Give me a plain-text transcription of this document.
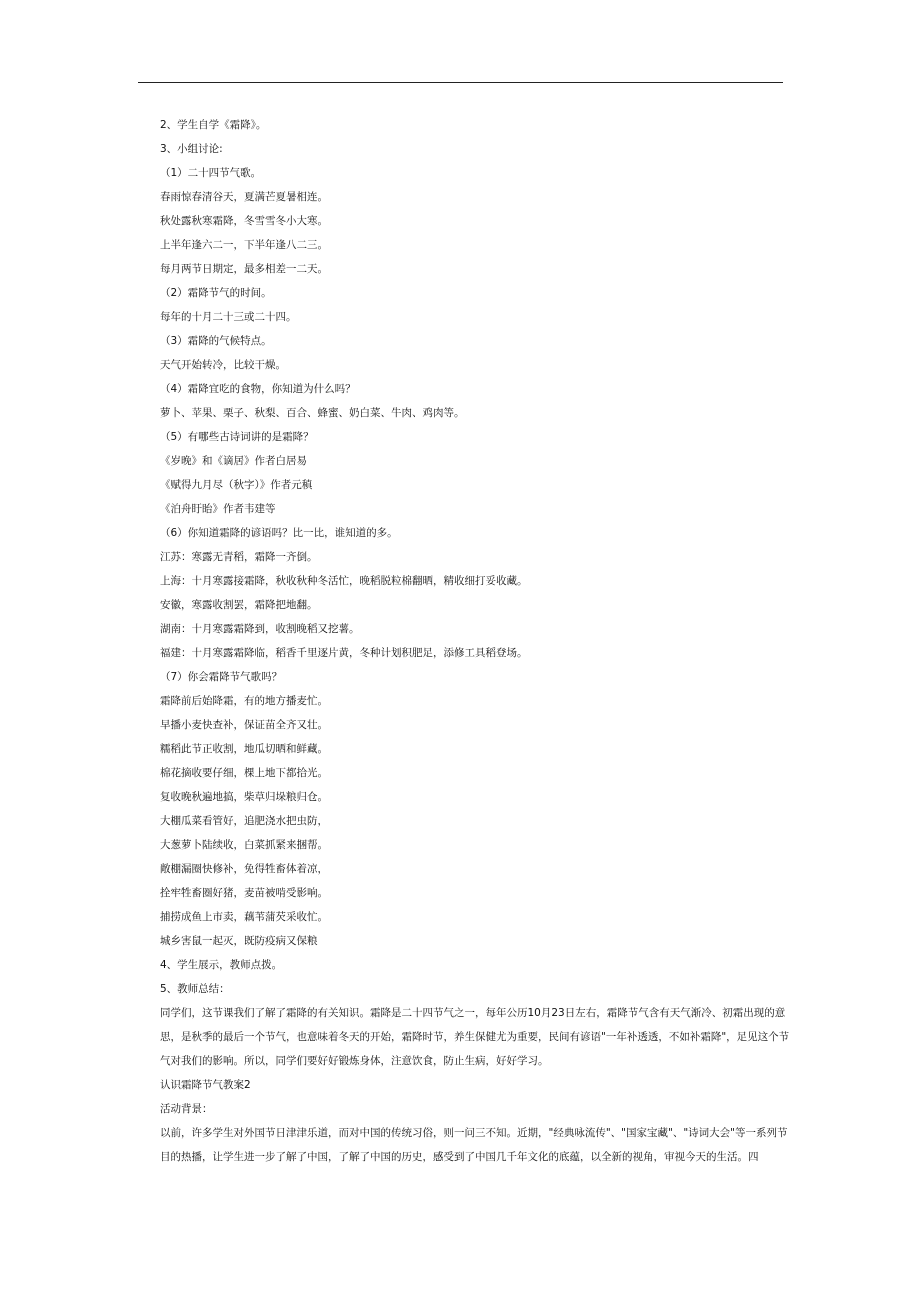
2、学生自学《霜降》。
3、小组讨论:
（1）二十四节气歌。
春雨惊春清谷天，夏满芒夏暑相连。
秋处露秋寒霜降，冬雪雪冬小大寒。
上半年逢六二一，下半年逢八二三。
每月两节日期定，最多相差一二天。
（2）霜降节气的时间。
每年的十月二十三或二十四。
（3）霜降的气候特点。
天气开始转冷，比较干燥。
（4）霜降宜吃的食物，你知道为什么吗？
萝卜、苹果、栗子、秋梨、百合、蜂蜜、奶白菜、牛肉、鸡肉等。
（5）有哪些古诗词讲的是霜降？
《岁晚》和《谪居》作者白居易
《赋得九月尽（秋字）》作者元稹
《泊舟盱眙》作者韦建等
（6）你知道霜降的谚语吗？比一比，谁知道的多。
江苏：寒露无青稻，霜降一齐倒。
上海：十月寒露接霜降，秋收秋种冬活忙，晚稻脱粒棉翻晒，精收细打妥收藏。
安徽，寒露收割罢，霜降把地翻。
湖南：十月寒露霜降到，收割晚稻又挖薯。
福建：十月寒露霜降临，稻香千里逐片黄，冬种计划积肥足，添修工具稻登场。
（7）你会霜降节气歌吗？
霜降前后始降霜，有的地方播麦忙。
早播小麦快查补，保证苗全齐又壮。
糯稻此节正收割，地瓜切晒和鲜藏。
棉花摘收要仔细，棵上地下都拾光。
复收晚秋遍地搞，柴草归垛粮归仓。
大棚瓜菜看管好，追肥浇水把虫防，
大葱萝卜陆续收，白菜抓紧来捆帮。
敞棚漏圈快修补，免得牲畜体着凉，
拴牢牲畜圈好猪，麦苗被啃受影响。
捕捞成鱼上市卖，藕苇蒲芡采收忙。
城乡害鼠一起灭，既防疫病又保粮
4、学生展示，教师点拨。
5、教师总结：
同学们，这节课我们了解了霜降的有关知识。霜降是二十四节气之一，每年公历10月23日左右，霜降节气含有天气渐冷、初霜出现的意思，是秋季的最后一个节气，也意味着冬天的开始，霜降时节，养生保健尤为重要，民间有谚语"一年补透透，不如补霜降"，足见这个节气对我们的影响。所以，同学们要好好锻炼身体，注意饮食，防止生病，好好学习。
认识霜降节气教案2
活动背景：
以前，许多学生对外国节日津津乐道，而对中国的传统习俗，则一问三不知。近期，"经典咏流传"、"国家宝藏"、"诗词大会"等一系列节目的热播，让学生进一步了解了中国，了解了中国的历史，感受到了中国几千年文化的底蕴，以全新的视角，审视今天的生活。四
